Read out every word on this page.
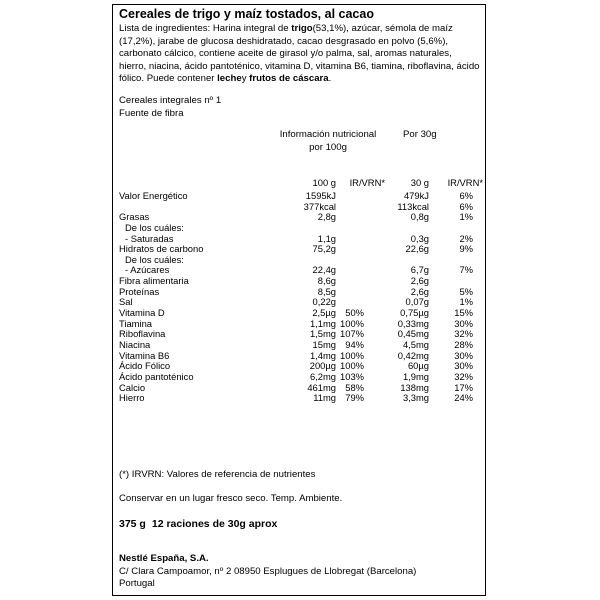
Cereales de trigo y maíz tostados, al cacao
Lista de ingredientes: Harina integral de trigo(53,1%), azúcar, sémola de maíz (17,2%), jarabe de glucosa deshidratado, cacao desgrasado en polvo (5,6%), carbonato cálcico, contiene aceite de girasol y/o palma, sal, aromas naturales, hierro, niacina, ácido pantoténico, vitamina D, vitamina B6, tiamina, riboflavina, ácido fólico. Puede contener lechey frutos de cáscara.
Cereales integrales nº 1
Fuente de fibra
Información nutricional
por 100g
Por 30g
100 g IR/VRN*	30 g IR/VRN*
Valor Energético	1595kJ	479kJ	6%
377kcal	113kcal	6%
Grasas	2,8g	0,8g	1%
De los cuáles:
- Saturadas	1,1g	0,3g	2%
Hidratos de carbono	75,2g	22,6g	9%
De los cuáles:
- Azúcares	22,4g	6,7g	7%
Fibra alimentaria	8,6g	2,6g
Proteínas	8,5g	2,6g	5%
Sal	0,22g	0,07g	1%
Vitamina D	2,5µg 50%	0,75µg	15%
Tiamina	1,1mg 100%	0,33mg	30%
Riboflavina	1,5mg 107%	0,45mg	32%
Niacina	15mg 94%	4,5mg	28%
Vitamina B6	1,4mg 100%	0,42mg	30%
Ácido Fólico	200µg 100%	60µg	30%
Ácido pantoténico	6,2mg 103%	1,9mg	32%
Calcio	461mg 58%	138mg	17%
Hierro	11mg 79%	3,3mg	24%
(*) IRVRN: Valores de referencia de nutrientes
Conservar en un lugar fresco seco. Temp. Ambiente.
375 g 12 raciones de 30g aprox
Nestlé España, S.A.
C/ Clara Campoamor, nº 2 08950 Esplugues de Llobregat (Barcelona)
Portugal
